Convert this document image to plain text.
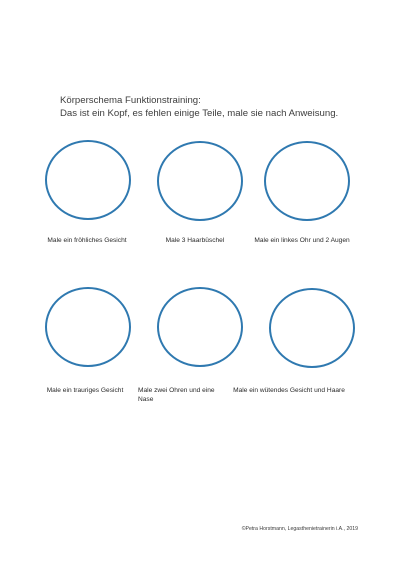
Körperschema Funktionstraining:
Das ist ein Kopf, es fehlen einige Teile, male sie nach Anweisung.
Male ein fröhliches Gesicht	Male 3 Haarbüschel	Male ein linkes Ohr und 2 Augen
Male ein trauriges Gesicht	Male zwei Ohren und eine Nase
Male ein wütendes Gesicht und Haare
©Petra Horstmann, Legasthenietrainerin i.A., 2019
